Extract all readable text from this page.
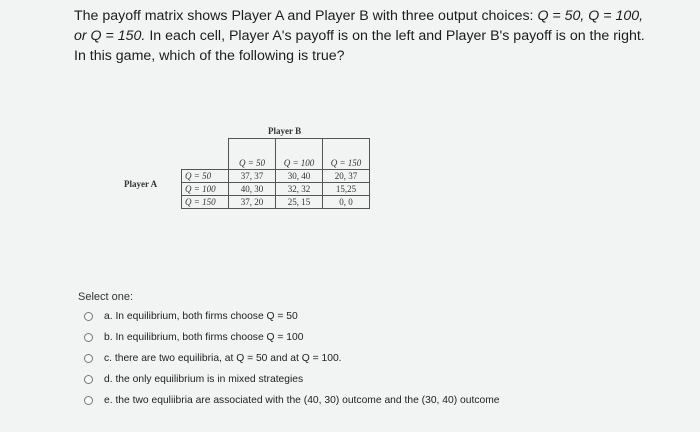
The payoff matrix shows Player A and Player B with three output choices: Q = 50, Q = 100,
or Q = 150. In each cell, Player A's payoff is on the left and Player B's payoff is on the right.
In this game, which of the following is true?
Player B
Player A
	Q = 50	Q = 100	Q = 150
Q = 50	37, 37	30, 40	20, 37
Q = 100	40, 30	32, 32	15,25
Q = 150	37, 20	25, 15	0, 0
Select one:
a. In equilibrium, both firms choose Q = 50
b. In equilibrium, both firms choose Q = 100
c. there are two equilibria, at Q = 50 and at Q = 100.
d. the only equilibrium is in mixed strategies
e. the two equliibria are associated with the (40, 30) outcome and the (30, 40) outcome
